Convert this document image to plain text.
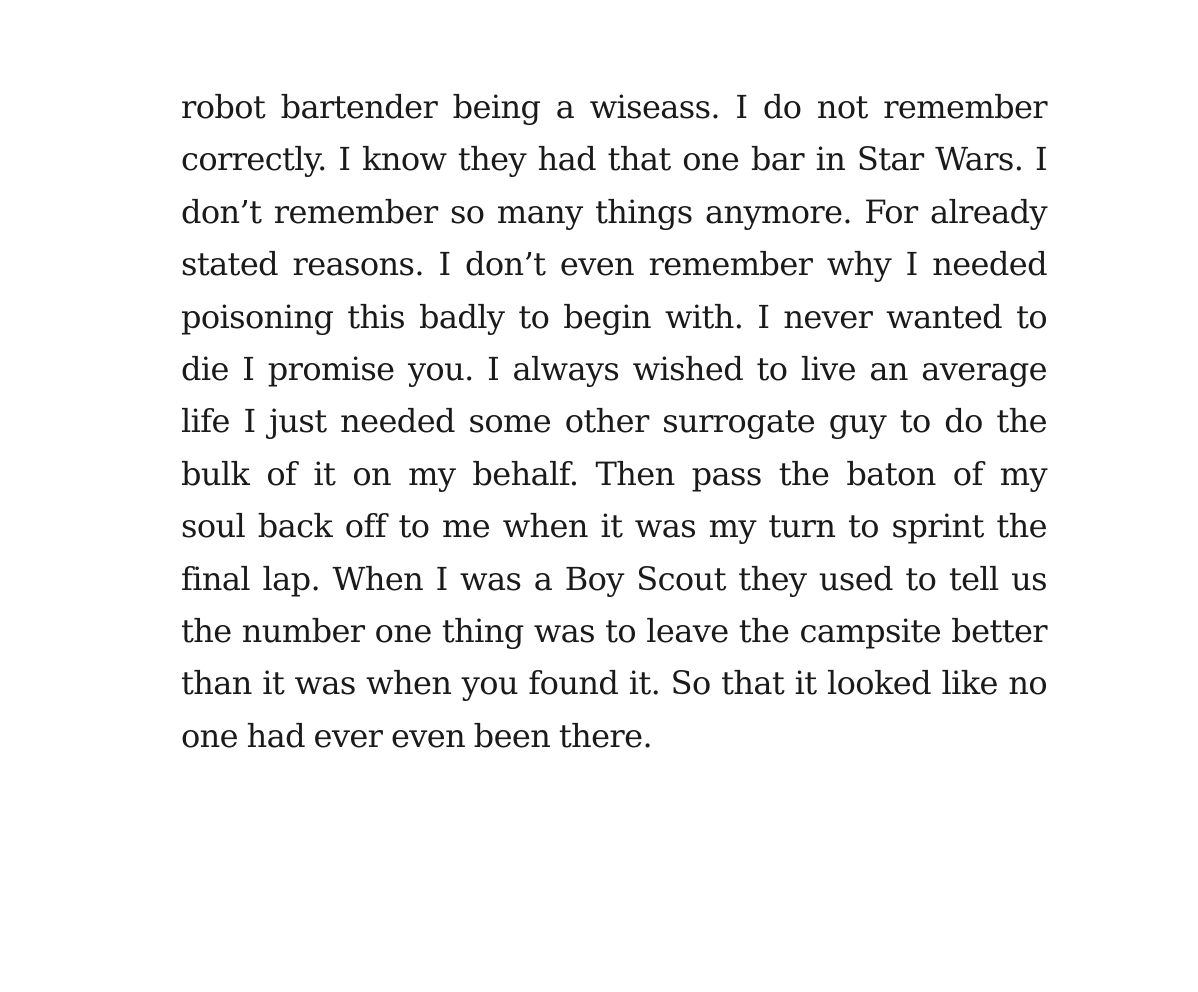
robot bartender being a wiseass. I do not remember
correctly. I know they had that one bar in Star Wars. I
don’t remember so many things anymore. For already
stated reasons. I don’t even remember why I needed
poisoning this badly to begin with. I never wanted to
die I promise you. I always wished to live an average
life I just needed some other surrogate guy to do the
bulk of it on my behalf. Then pass the baton of my
soul back off to me when it was my turn to sprint the
final lap. When I was a Boy Scout they used to tell us
the number one thing was to leave the campsite better
than it was when you found it. So that it looked like no
one had ever even been there.
